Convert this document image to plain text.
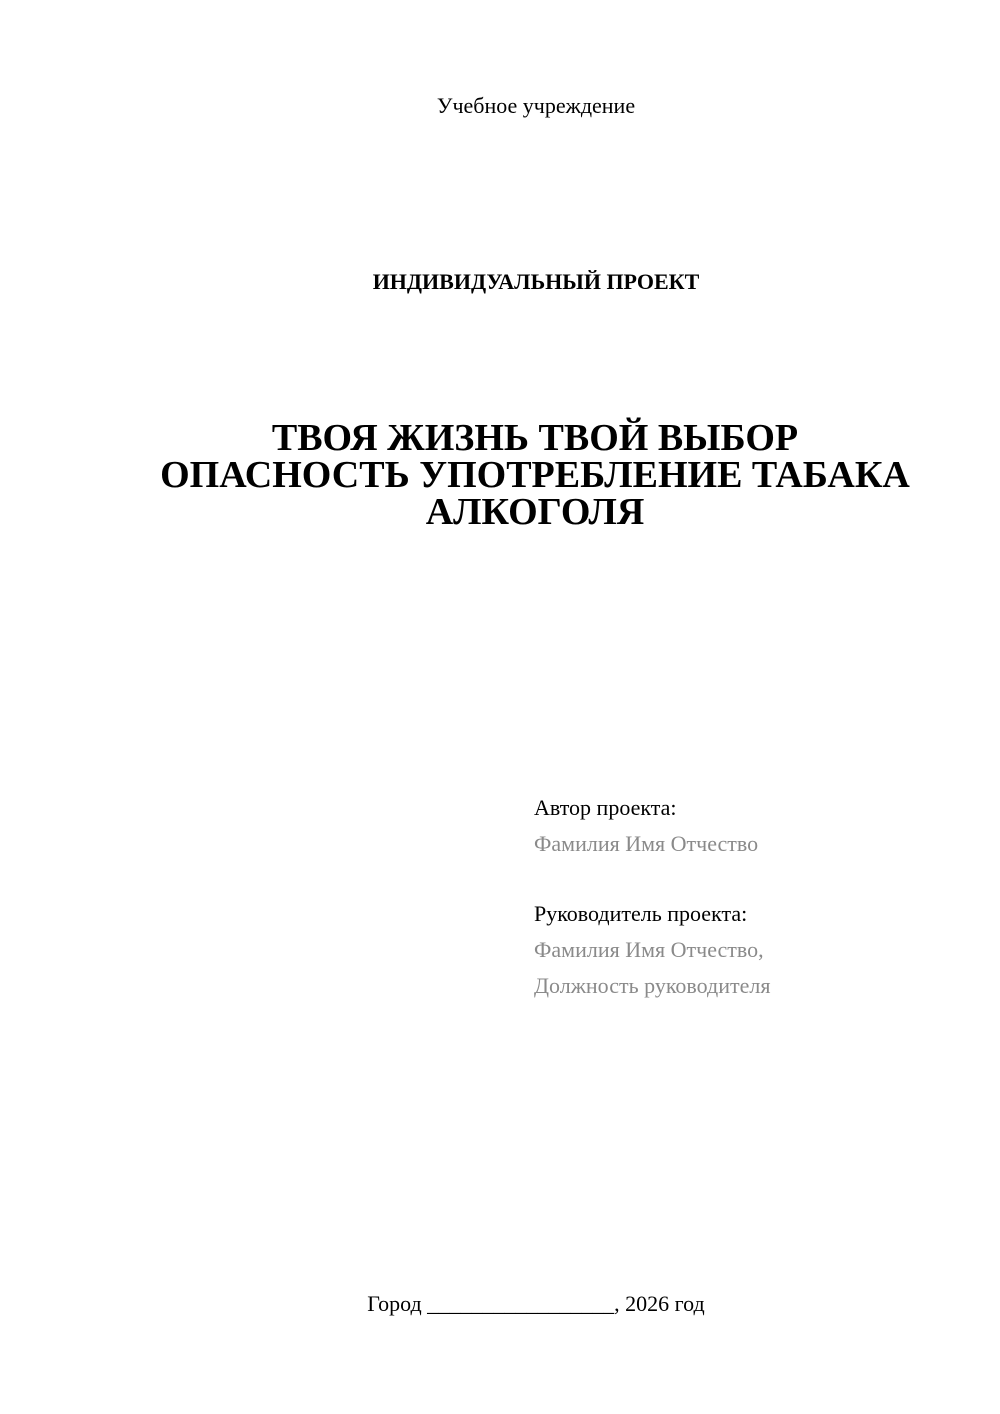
Учебное учреждение
ИНДИВИДУАЛЬНЫЙ ПРОЕКТ
ТВОЯ ЖИЗНЬ ТВОЙ ВЫБОР
ОПАСНОСТЬ УПОТРЕБЛЕНИЕ ТАБАКА
АЛКОГОЛЯ
Автор проекта:
Фамилия Имя Отчество
Руководитель проекта:
Фамилия Имя Отчество,
Должность руководителя
Город _________________, 2026 год
